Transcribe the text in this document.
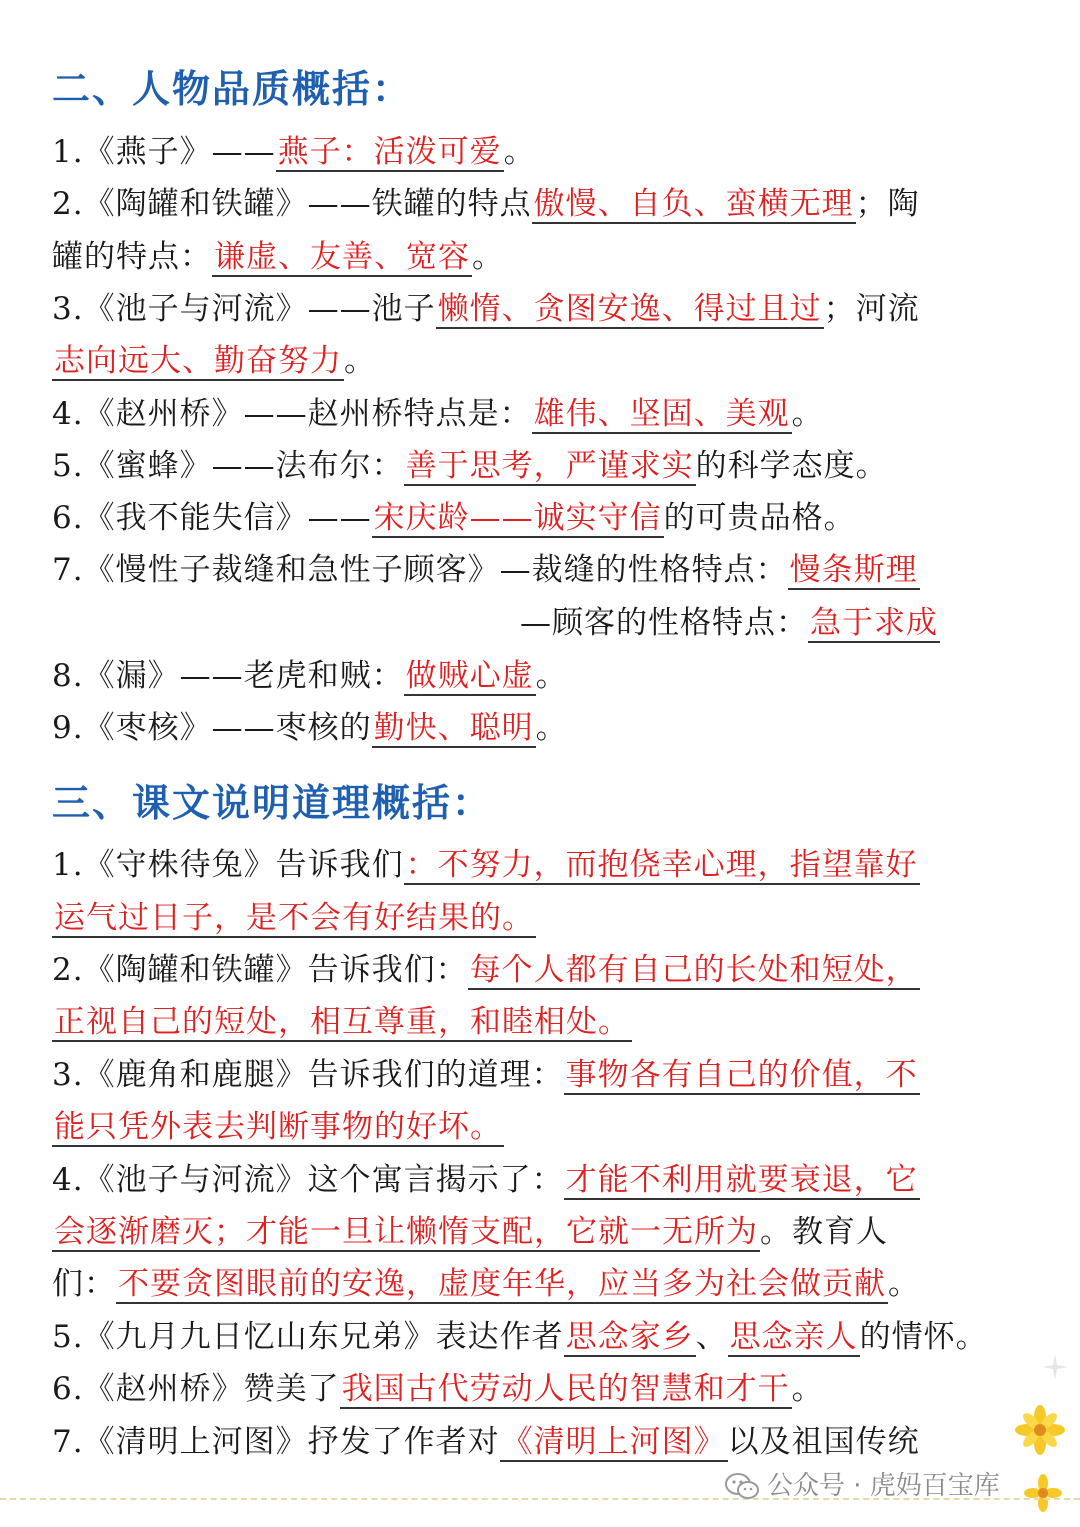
二、人物品质概括：
1.《燕子》——燕子：活泼可爱。
2.《陶罐和铁罐》——铁罐的特点傲慢、自负、蛮横无理；陶
罐的特点：谦虚、友善、宽容。
3.《池子与河流》——池子懒惰、贪图安逸、得过且过；河流
志向远大、勤奋努力。
4.《赵州桥》——赵州桥特点是：雄伟、坚固、美观。
5.《蜜蜂》——法布尔：善于思考，严谨求实的科学态度。
6.《我不能失信》——宋庆龄——诚实守信的可贵品格。
7.《慢性子裁缝和急性子顾客》—裁缝的性格特点：慢条斯理
—顾客的性格特点：急于求成
8.《漏》——老虎和贼：做贼心虚。
9.《枣核》——枣核的勤快、聪明。
三、课文说明道理概括：
1.《守株待兔》告诉我们：不努力，而抱侥幸心理，指望靠好
运气过日子，是不会有好结果的。
2.《陶罐和铁罐》告诉我们：每个人都有自己的长处和短处，
正视自己的短处，相互尊重，和睦相处。
3.《鹿角和鹿腿》告诉我们的道理：事物各有自己的价值，不
能只凭外表去判断事物的好坏。
4.《池子与河流》这个寓言揭示了：才能不利用就要衰退，它
会逐渐磨灭；才能一旦让懒惰支配，它就一无所为。教育人
们：不要贪图眼前的安逸，虚度年华，应当多为社会做贡献。
5.《九月九日忆山东兄弟》表达作者思念家乡、思念亲人的情怀。
6.《赵州桥》赞美了我国古代劳动人民的智慧和才干。
7.《清明上河图》抒发了作者对《清明上河图》以及祖国传统
公众号 · 虎妈百宝库
